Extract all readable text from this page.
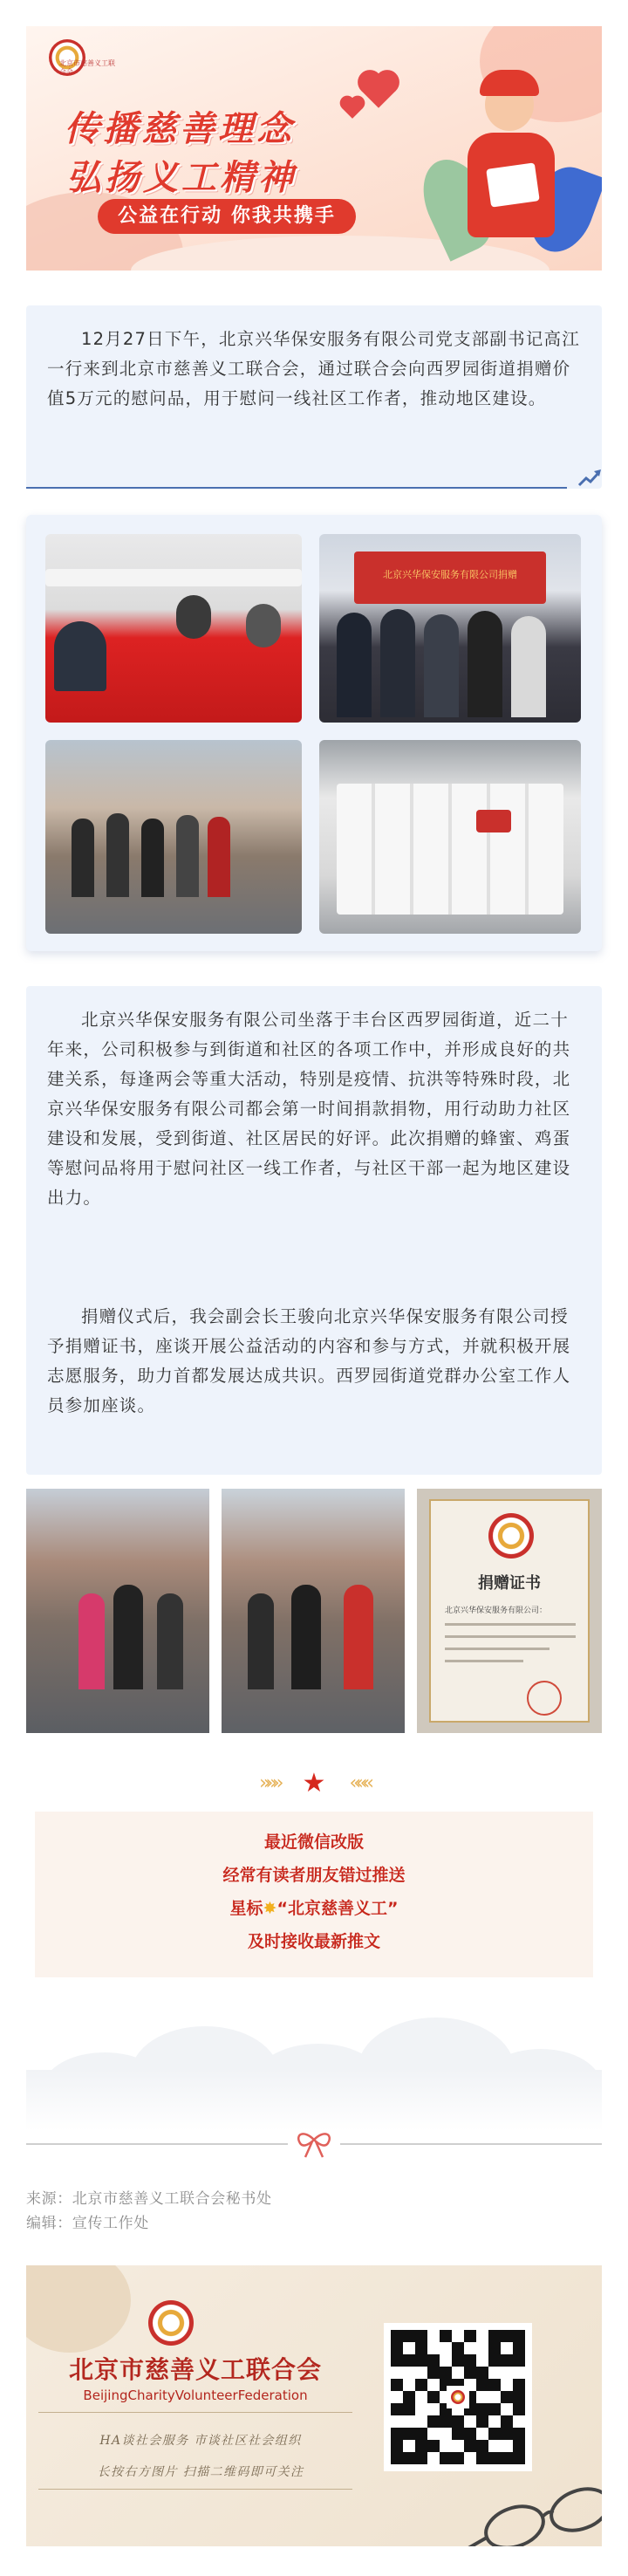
北京市慈善义工联合会
传播慈善理念
弘扬义工精神
公益在行动 你我共携手

12月27日下午，北京兴华保安服务有限公司党支部副书记高江一行来到北京市慈善义工联合会，通过联合会向西罗园街道捐赠价值5万元的慰问品，用于慰问一线社区工作者，推动地区建设。

北京兴华保安服务有限公司捐赠

北京兴华保安服务有限公司坐落于丰台区西罗园街道，近二十年来，公司积极参与到街道和社区的各项工作中，并形成良好的共建关系，每逢两会等重大活动，特别是疫情、抗洪等特殊时段，北京兴华保安服务有限公司都会第一时间捐款捐物，用行动助力社区建设和发展，受到街道、社区居民的好评。此次捐赠的蜂蜜、鸡蛋等慰问品将用于慰问社区一线工作者，与社区干部一起为地区建设出力。

捐赠仪式后，我会副会长王骏向北京兴华保安服务有限公司授予捐赠证书，座谈开展公益活动的内容和参与方式，并就积极开展志愿服务，助力首都发展达成共识。西罗园街道党群办公室工作人员参加座谈。

捐赠证书
北京兴华保安服务有限公司：
»»» ★ «««
最近微信改版
经常有读者朋友错过推送
星标✸“北京慈善义工”
及时接收最新推文
来源：北京市慈善义工联合会秘书处
编辑：宣传工作处
北京市慈善义工联合会
BeijingCharityVolunteerFederation
HA谈社会服务 市谈社区社会组织
长按右方图片 扫描二维码即可关注
